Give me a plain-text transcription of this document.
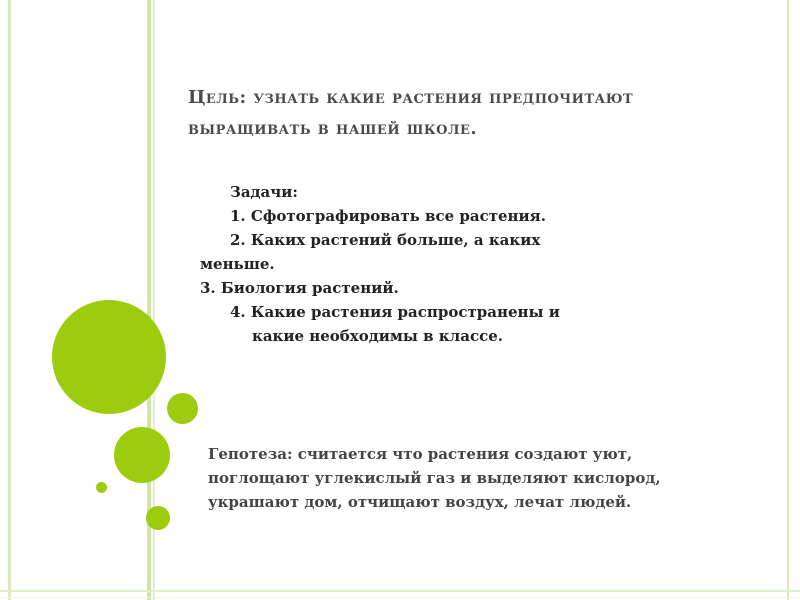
Цель: узнать какие растения предпочитают
выращивать в нашей школе.
Задачи:
1. Сфотографировать все растения.
2. Каких растений больше, а каких
меньше.
3. Биология растений.
4. Какие растения распространены и
какие необходимы в классе.
Гепотеза: считается что растения создают уют,
поглощают углекислый газ и выделяют кислород,
украшают дом, отчищают воздух, лечат людей.
